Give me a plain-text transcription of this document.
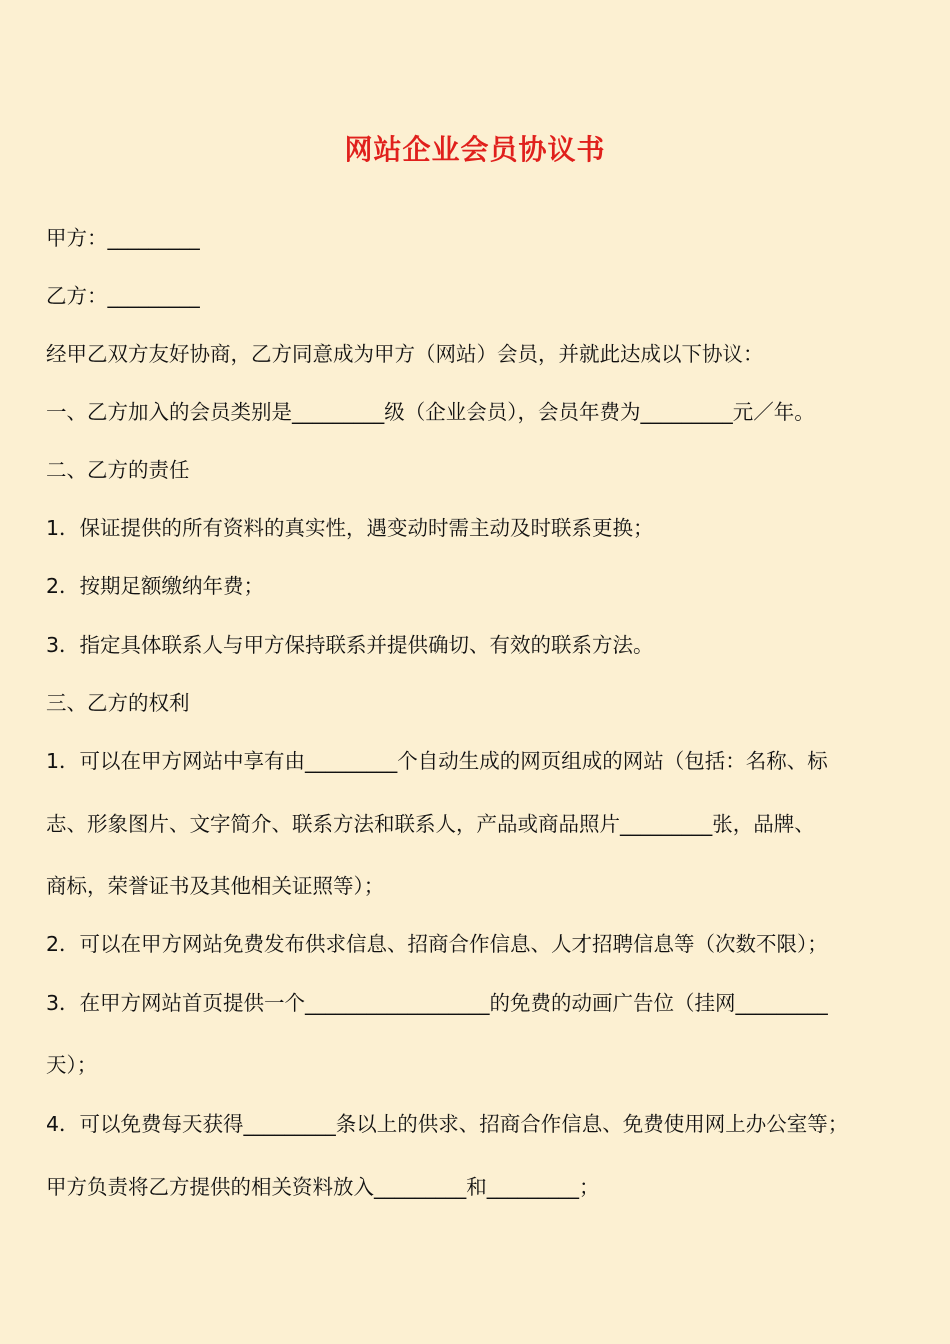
网站企业会员协议书

甲方：_________

乙方：_________

经甲乙双方友好协商，乙方同意成为甲方（网站）会员，并就此达成以下协议：

一、乙方加入的会员类别是_________级（企业会员），会员年费为_________元／年。

二、乙方的责任

1．保证提供的所有资料的真实性，遇变动时需主动及时联系更换；

2．按期足额缴纳年费；

3．指定具体联系人与甲方保持联系并提供确切、有效的联系方法。

三、乙方的权利

1．可以在甲方网站中享有由_________个自动生成的网页组成的网站（包括：名称、标

志、形象图片、文字简介、联系方法和联系人，产品或商品照片_________张，品牌、

商标，荣誉证书及其他相关证照等）；

2．可以在甲方网站免费发布供求信息、招商合作信息、人才招聘信息等（次数不限）；

3．在甲方网站首页提供一个__________________的免费的动画广告位（挂网_________

天）；

4．可以免费每天获得_________条以上的供求、招商合作信息、免费使用网上办公室等；

甲方负责将乙方提供的相关资料放入_________和_________；
